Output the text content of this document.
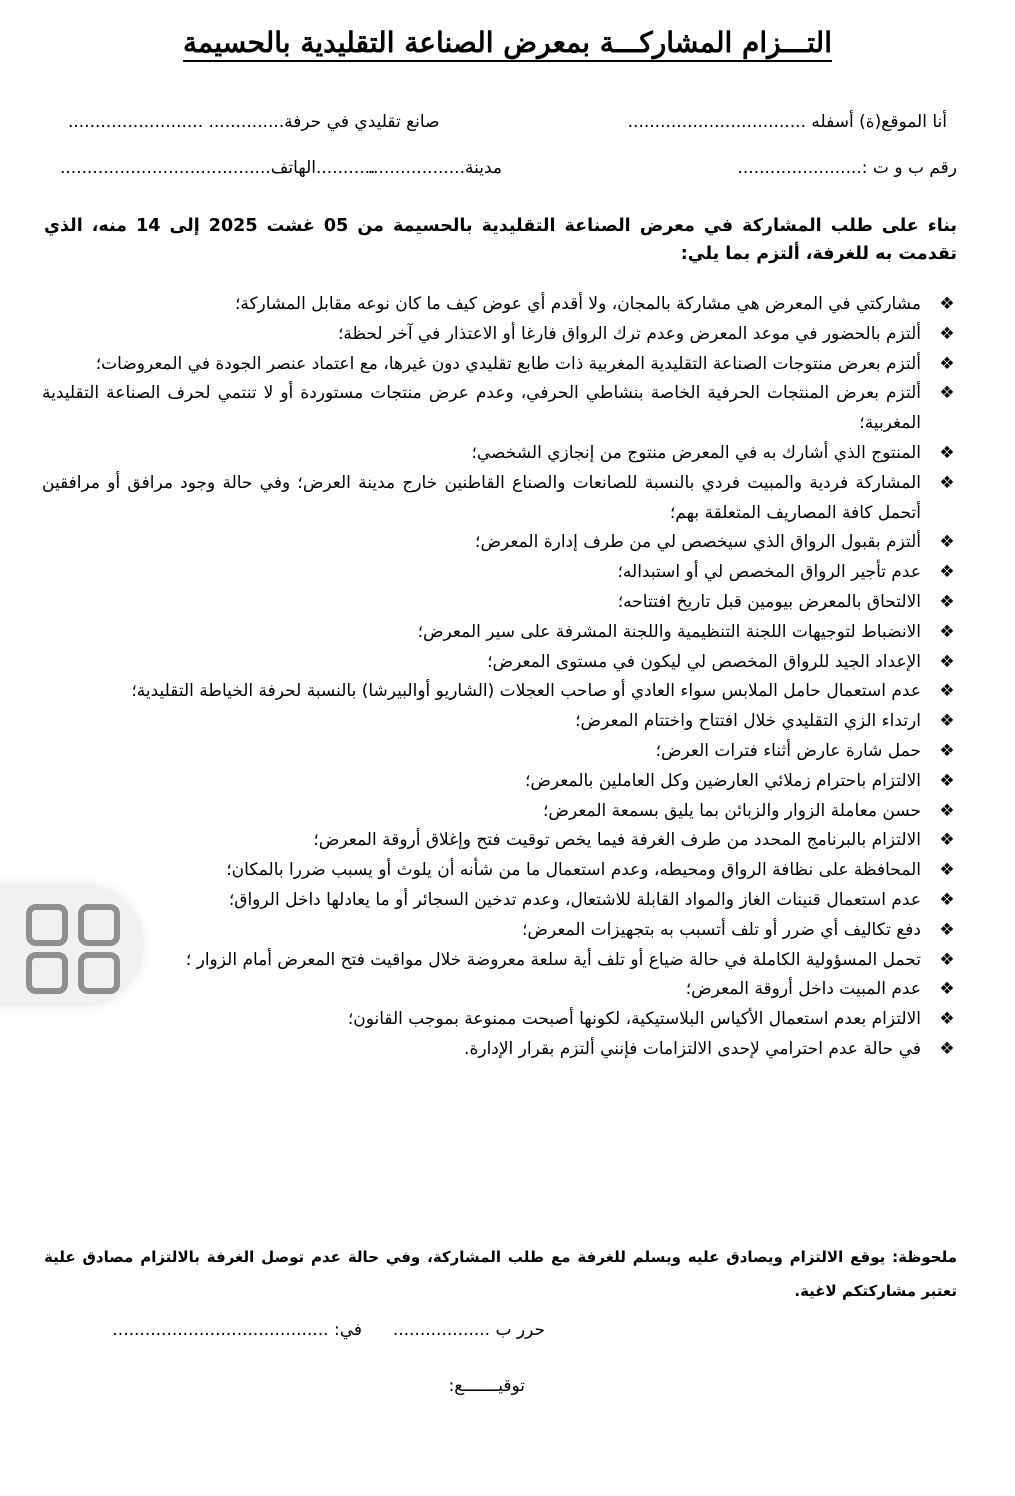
التـــزام المشاركـــة بمعرض الصناعة التقليدية بالحسيمة
أنا الموقع(ة) أسفله .................................
صانع تقليدي في حرفة.............. .........................
رقم ب و ت :.......................
مدينة..................
...........الهاتف.......................................
بناء على طلب المشاركة في معرض الصناعة التقليدية بالحسيمة من 05 غشت 2025 إلى 14 منه، الذي تقدمت به للغرفة، ألتزم بما يلي:
❖
مشاركتي في المعرض هي مشاركة بالمجان، ولا أقدم أي عوض كيف ما كان نوعه مقابل المشاركة؛
❖
ألتزم بالحضور في موعد المعرض وعدم ترك الرواق فارغا أو الاعتذار في آخر لحظة؛
❖
ألتزم بعرض منتوجات الصناعة التقليدية المغربية ذات طابع تقليدي دون غيرها، مع اعتماد عنصر الجودة في المعروضات؛
❖
ألتزم بعرض المنتجات الحرفية الخاصة بنشاطي الحرفي، وعدم عرض منتجات مستوردة أو لا تنتمي لحرف الصناعة التقليدية المغربية؛
❖
المنتوج الذي أشارك به في المعرض منتوج من إنجازي الشخصي؛
❖
المشاركة فردية والمبيت فردي بالنسبة للصانعات والصناع القاطنين خارج مدينة العرض؛ وفي حالة وجود مرافق أو مرافقين أتحمل كافة المصاريف المتعلقة بهم؛
❖
ألتزم بقبول الرواق الذي سيخصص لي من طرف إدارة المعرض؛
❖
عدم تأجير الرواق المخصص لي أو استبداله؛
❖
الالتحاق بالمعرض بيومين قبل تاريخ افتتاحه؛
❖
الانضباط لتوجيهات اللجنة التنظيمية واللجنة المشرفة على سير المعرض؛
❖
الإعداد الجيد للرواق المخصص لي ليكون في مستوى المعرض؛
❖
عدم استعمال حامل الملابس سواء العادي أو صاحب العجلات (الشاريو أوالبيرشا) بالنسبة لحرفة الخياطة التقليدية؛
❖
ارتداء الزي التقليدي خلال افتتاح واختتام المعرض؛
❖
حمل شارة عارض أثناء فترات العرض؛
❖
الالتزام باحترام زملائي العارضين وكل العاملين بالمعرض؛
❖
حسن معاملة الزوار والزبائن بما يليق بسمعة المعرض؛
❖
الالتزام بالبرنامج المحدد من طرف الغرفة فيما يخص توقيت فتح وإغلاق أروقة المعرض؛
❖
المحافظة على نظافة الرواق ومحيطه، وعدم استعمال ما من شأنه أن يلوث أو يسبب ضررا بالمكان؛
❖
عدم استعمال قنينات الغاز والمواد القابلة للاشتعال، وعدم تدخين السجائر أو ما يعادلها داخل الرواق؛
❖
دفع تكاليف أي ضرر أو تلف أتسبب به بتجهيزات المعرض؛
❖
تحمل المسؤولية الكاملة في حالة ضياع أو تلف أية سلعة معروضة خلال مواقيت فتح المعرض أمام الزوار ؛
❖
عدم المبيت داخل أروقة المعرض؛
❖
الالتزام بعدم استعمال الأكياس البلاستيكية، لكونها أصبحت ممنوعة بموجب القانون؛
❖
في حالة عدم احترامي لإحدى الالتزامات فإنني ألتزم بقرار الإدارة.
ملحوظة: يوقع الالتزام ويصادق عليه ويسلم للغرفة مع طلب المشاركة، وفي حالة عدم توصل الغرفة بالالتزام مصادق علية تعتبر مشاركتكم لاغية.
حرر ب ..................  في: ........................................
توقيـــــــع:
